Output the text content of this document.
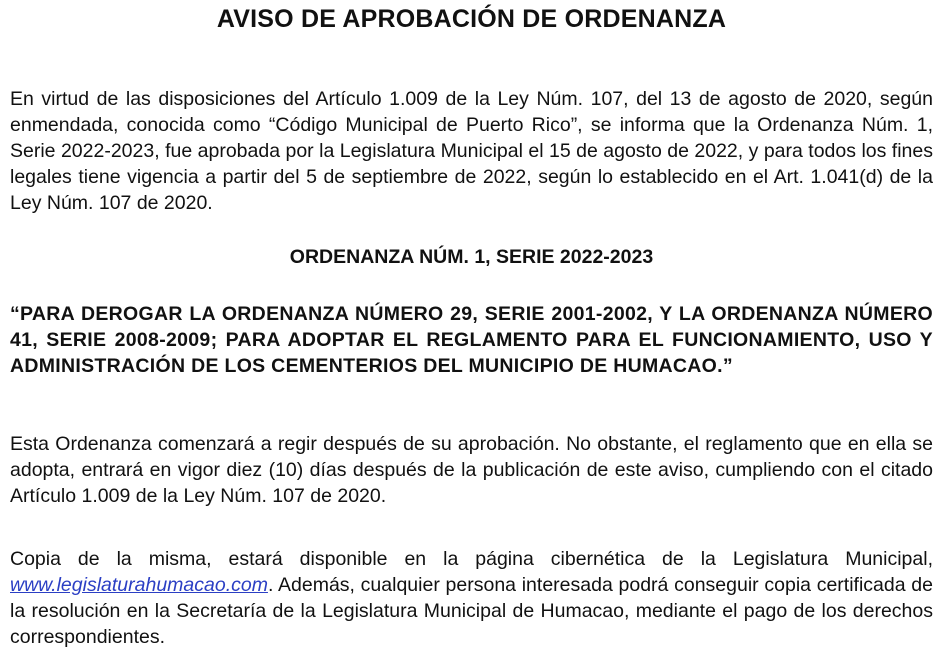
AVISO DE APROBACIÓN DE ORDENANZA

En virtud de las disposiciones del Artículo 1.009 de la Ley Núm. 107, del 13 de agosto de 2020, según enmendada, conocida como “Código Municipal de Puerto Rico”, se informa que la Ordenanza Núm. 1, Serie 2022-2023, fue aprobada por la Legislatura Municipal el 15 de agosto de 2022, y para todos los fines legales tiene vigencia a partir del 5 de septiembre de 2022, según lo establecido en el Art. 1.041(d) de la Ley Núm. 107 de 2020.

ORDENANZA NÚM. 1, SERIE 2022-2023

“PARA DEROGAR LA ORDENANZA NÚMERO 29, SERIE 2001-2002, Y LA ORDENANZA NÚMERO 41, SERIE 2008-2009; PARA ADOPTAR EL REGLAMENTO PARA EL FUNCIONAMIENTO, USO Y ADMINISTRACIÓN DE LOS CEMENTERIOS DEL MUNICIPIO DE HUMACAO.”

Esta Ordenanza comenzará a regir después de su aprobación. No obstante, el reglamento que en ella se adopta, entrará en vigor diez (10) días después de la publicación de este aviso, cumpliendo con el citado Artículo 1.009 de la Ley Núm. 107 de 2020.

Copia de la misma, estará disponible en la página cibernética de la Legislatura Municipal, www.legislaturahumacao.com. Además, cualquier persona interesada podrá conseguir copia certificada de la resolución en la Secretaría de la Legislatura Municipal de Humacao, mediante el pago de los derechos correspondientes.
